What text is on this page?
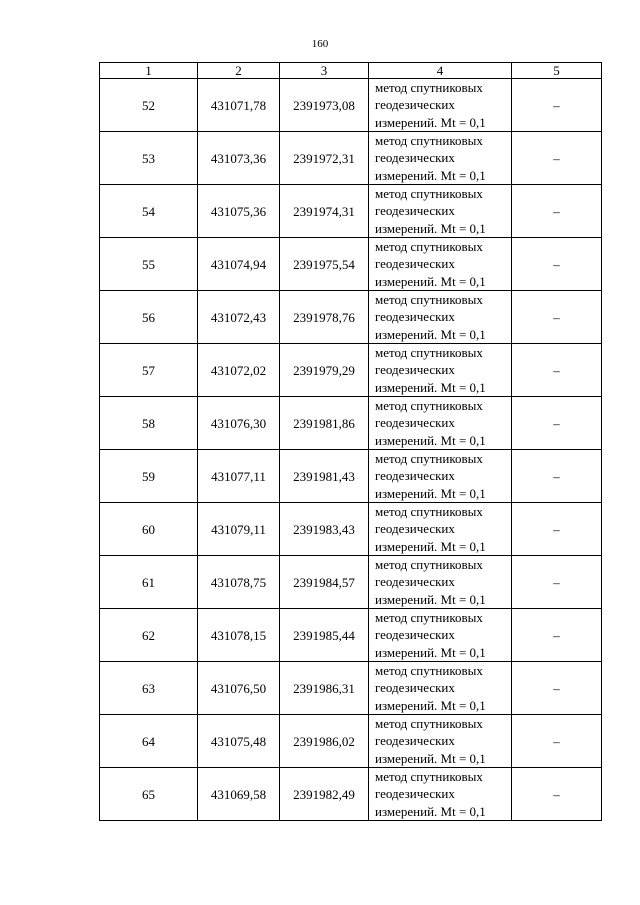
160
1	2	3	4	5
52	431071,78	2391973,08	метод спутниковых
геодезических
измерений. Mt = 0,1	–
53	431073,36	2391972,31	метод спутниковых
геодезических
измерений. Mt = 0,1	–
54	431075,36	2391974,31	метод спутниковых
геодезических
измерений. Mt = 0,1	–
55	431074,94	2391975,54	метод спутниковых
геодезических
измерений. Mt = 0,1	–
56	431072,43	2391978,76	метод спутниковых
геодезических
измерений. Mt = 0,1	–
57	431072,02	2391979,29	метод спутниковых
геодезических
измерений. Mt = 0,1	–
58	431076,30	2391981,86	метод спутниковых
геодезических
измерений. Mt = 0,1	–
59	431077,11	2391981,43	метод спутниковых
геодезических
измерений. Mt = 0,1	–
60	431079,11	2391983,43	метод спутниковых
геодезических
измерений. Mt = 0,1	–
61	431078,75	2391984,57	метод спутниковых
геодезических
измерений. Mt = 0,1	–
62	431078,15	2391985,44	метод спутниковых
геодезических
измерений. Mt = 0,1	–
63	431076,50	2391986,31	метод спутниковых
геодезических
измерений. Mt = 0,1	–
64	431075,48	2391986,02	метод спутниковых
геодезических
измерений. Mt = 0,1	–
65	431069,58	2391982,49	метод спутниковых
геодезических
измерений. Mt = 0,1	–
